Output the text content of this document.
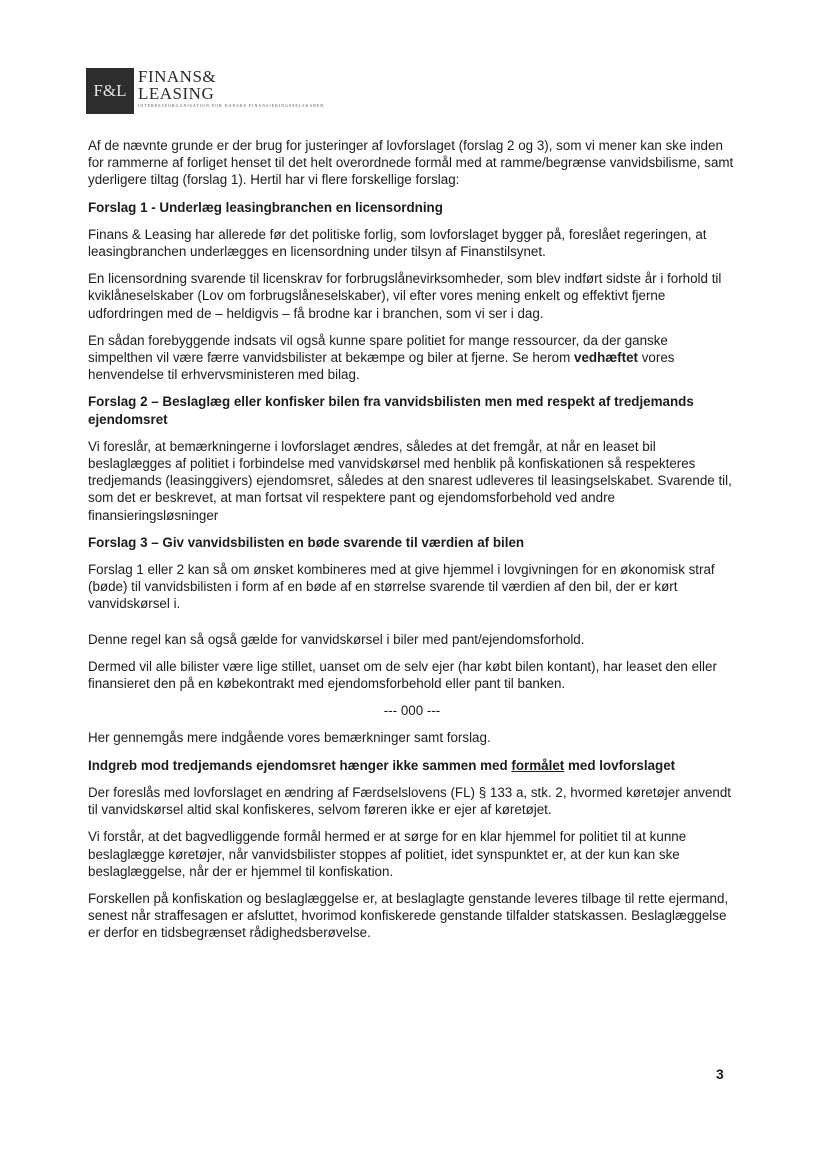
F&L
FINANS&
LEASING
INTERESSEORGANISATION FOR DANSKE FINANSIERINGSSELSKABER

Af de nævnte grunde er der brug for justeringer af lovforslaget (forslag 2 og 3), som vi mener kan ske inden for rammerne af forliget henset til det helt overordnede formål med at ramme/begrænse vanvidsbilisme, samt yderligere tiltag (forslag 1). Hertil har vi flere forskellige forslag:

Forslag 1 - Underlæg leasingbranchen en licensordning

Finans & Leasing har allerede før det politiske forlig, som lovforslaget bygger på, foreslået regeringen, at leasingbranchen underlægges en licensordning under tilsyn af Finanstilsynet.

En licensordning svarende til licenskrav for forbrugslånevirksomheder, som blev indført sidste år i forhold til kviklåneselskaber (Lov om forbrugslåneselskaber), vil efter vores mening enkelt og effektivt fjerne udfordringen med de – heldigvis – få brodne kar i branchen, som vi ser i dag.

En sådan forebyggende indsats vil også kunne spare politiet for mange ressourcer, da der ganske simpelthen vil være færre vanvidsbilister at bekæmpe og biler at fjerne. Se herom vedhæftet vores henvendelse til erhvervsministeren med bilag.

Forslag 2 – Beslaglæg eller konfisker bilen fra vanvidsbilisten men med respekt af tredjemands ejendomsret

Vi foreslår, at bemærkningerne i lovforslaget ændres, således at det fremgår, at når en leaset bil beslaglægges af politiet i forbindelse med vanvidskørsel med henblik på konfiskationen så respekteres tredjemands (leasinggivers) ejendomsret, således at den snarest udleveres til leasingselskabet. Svarende til, som det er beskrevet, at man fortsat vil respektere pant og ejendomsforbehold ved andre finansieringsløsninger

Forslag 3 – Giv vanvidsbilisten en bøde svarende til værdien af bilen

Forslag 1 eller 2 kan så om ønsket kombineres med at give hjemmel i lovgivningen for en økonomisk straf (bøde) til vanvidsbilisten i form af en bøde af en størrelse svarende til værdien af den bil, der er kørt vanvidskørsel i.

Denne regel kan så også gælde for vanvidskørsel i biler med pant/ejendomsforhold.

Dermed vil alle bilister være lige stillet, uanset om de selv ejer (har købt bilen kontant), har leaset den eller finansieret den på en købekontrakt med ejendomsforbehold eller pant til banken.

--- 000 ---

Her gennemgås mere indgående vores bemærkninger samt forslag.

Indgreb mod tredjemands ejendomsret hænger ikke sammen med formålet med lovforslaget

Der foreslås med lovforslaget en ændring af Færdselslovens (FL) § 133 a, stk. 2, hvormed køretøjer anvendt til vanvidskørsel altid skal konfiskeres, selvom føreren ikke er ejer af køretøjet.

Vi forstår, at det bagvedliggende formål hermed er at sørge for en klar hjemmel for politiet til at kunne beslaglægge køretøjer, når vanvidsbilister stoppes af politiet, idet synspunktet er, at der kun kan ske beslaglæggelse, når der er hjemmel til konfiskation.

Forskellen på konfiskation og beslaglæggelse er, at beslaglagte genstande leveres tilbage til rette ejermand, senest når straffesagen er afsluttet, hvorimod konfiskerede genstande tilfalder statskassen. Beslaglæggelse er derfor en tidsbegrænset rådighedsberøvelse.

3
